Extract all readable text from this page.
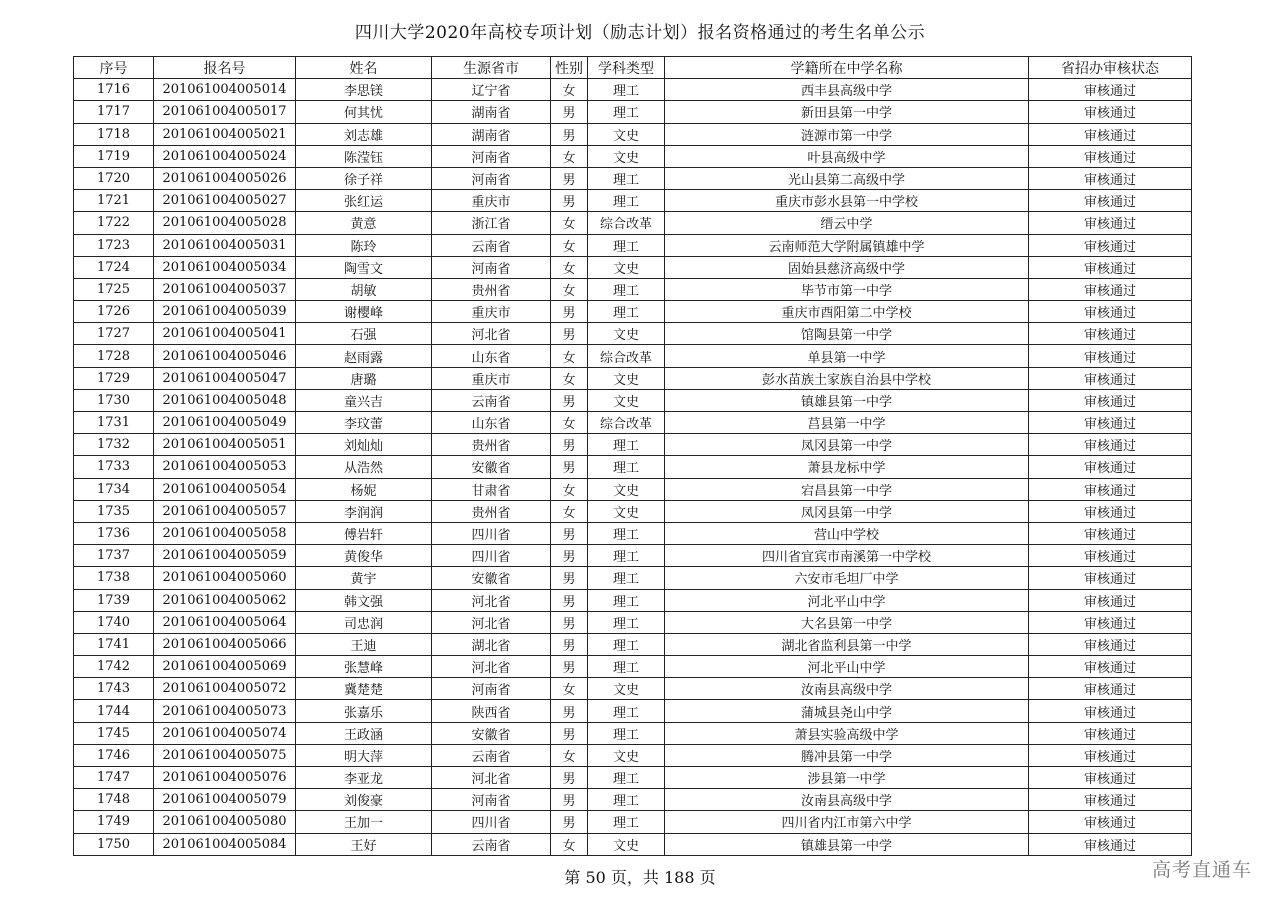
四川大学2020年高校专项计划（励志计划）报名资格通过的考生名单公示
序号	报名号	姓名	生源省市	性别	学科类型	学籍所在中学名称	省招办审核状态
1716	201061004005014	李思镁	辽宁省	女	理工	西丰县高级中学	审核通过
1717	201061004005017	何其忧	湖南省	男	理工	新田县第一中学	审核通过
1718	201061004005021	刘志雄	湖南省	男	文史	涟源市第一中学	审核通过
1719	201061004005024	陈滢钰	河南省	女	文史	叶县高级中学	审核通过
1720	201061004005026	徐子祥	河南省	男	理工	光山县第二高级中学	审核通过
1721	201061004005027	张红运	重庆市	男	理工	重庆市彭水县第一中学校	审核通过
1722	201061004005028	黄意	浙江省	女	综合改革	缙云中学	审核通过
1723	201061004005031	陈玲	云南省	女	理工	云南师范大学附属镇雄中学	审核通过
1724	201061004005034	陶雪文	河南省	女	文史	固始县慈济高级中学	审核通过
1725	201061004005037	胡敏	贵州省	女	理工	毕节市第一中学	审核通过
1726	201061004005039	谢樱峰	重庆市	男	理工	重庆市酉阳第二中学校	审核通过
1727	201061004005041	石强	河北省	男	文史	馆陶县第一中学	审核通过
1728	201061004005046	赵雨露	山东省	女	综合改革	单县第一中学	审核通过
1729	201061004005047	唐璐	重庆市	女	文史	彭水苗族土家族自治县中学校	审核通过
1730	201061004005048	童兴吉	云南省	男	文史	镇雄县第一中学	审核通过
1731	201061004005049	李玟蕾	山东省	女	综合改革	莒县第一中学	审核通过
1732	201061004005051	刘灿灿	贵州省	男	理工	凤冈县第一中学	审核通过
1733	201061004005053	从浩然	安徽省	男	理工	萧县龙标中学	审核通过
1734	201061004005054	杨妮	甘肃省	女	文史	宕昌县第一中学	审核通过
1735	201061004005057	李润润	贵州省	女	文史	凤冈县第一中学	审核通过
1736	201061004005058	傅岩轩	四川省	男	理工	营山中学校	审核通过
1737	201061004005059	黄俊华	四川省	男	理工	四川省宜宾市南溪第一中学校	审核通过
1738	201061004005060	黄宇	安徽省	男	理工	六安市毛坦厂中学	审核通过
1739	201061004005062	韩文强	河北省	男	理工	河北平山中学	审核通过
1740	201061004005064	司忠润	河北省	男	理工	大名县第一中学	审核通过
1741	201061004005066	王迪	湖北省	男	理工	湖北省监利县第一中学	审核通过
1742	201061004005069	张慧峰	河北省	男	理工	河北平山中学	审核通过
1743	201061004005072	冀楚楚	河南省	女	文史	汝南县高级中学	审核通过
1744	201061004005073	张嘉乐	陕西省	男	理工	蒲城县尧山中学	审核通过
1745	201061004005074	王政涵	安徽省	男	理工	萧县实验高级中学	审核通过
1746	201061004005075	明大萍	云南省	女	文史	腾冲县第一中学	审核通过
1747	201061004005076	李亚龙	河北省	男	理工	涉县第一中学	审核通过
1748	201061004005079	刘俊豪	河南省	男	理工	汝南县高级中学	审核通过
1749	201061004005080	王加一	四川省	男	理工	四川省内江市第六中学	审核通过
1750	201061004005084	王好	云南省	女	文史	镇雄县第一中学	审核通过
第 50 页，共 188 页	高考直通车
